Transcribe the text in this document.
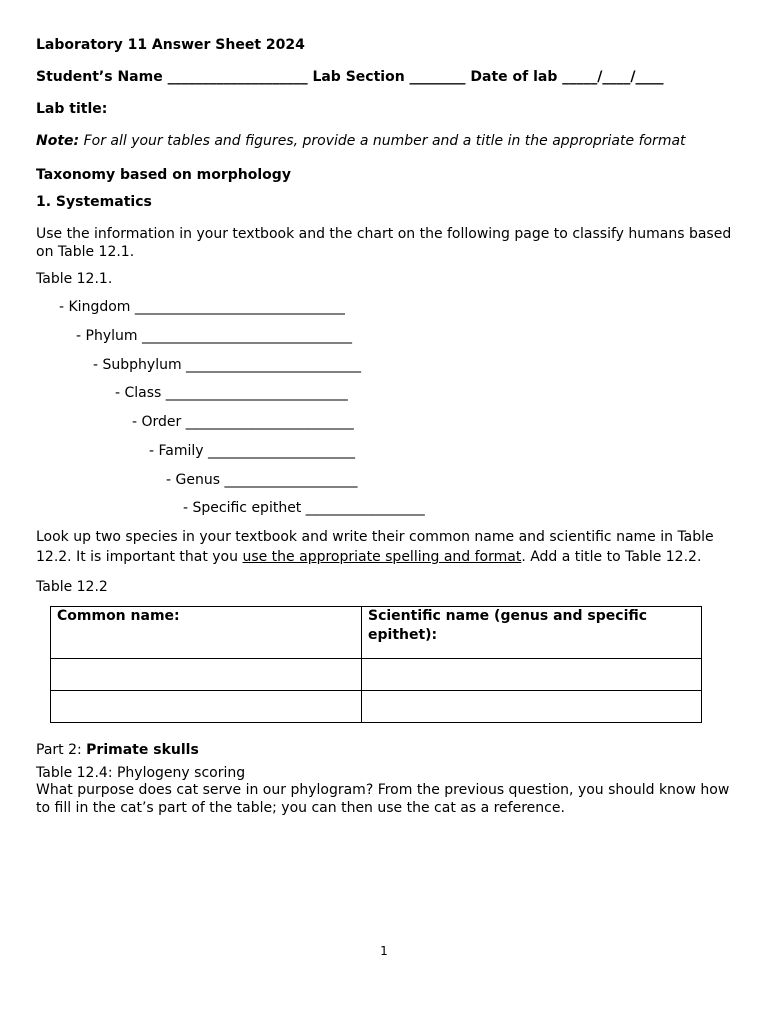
Laboratory 11 Answer Sheet 2024
Student’s Name ____________________ Lab Section ________ Date of lab _____/____/____
Lab title:
Note: For all your tables and figures, provide a number and a title in the appropriate format
Taxonomy based on morphology
1. Systematics
Use the information in your textbook and the chart on the following page to classify humans based on Table 12.1.
Table 12.1.
- Kingdom ______________________________
- Phylum ______________________________
- Subphylum _________________________
- Class __________________________
- Order ________________________
- Family _____________________
- Genus ___________________
- Specific epithet _________________
Look up two species in your textbook and write their common name and scientific name in Table 12.2. It is important that you use the appropriate spelling and format. Add a title to Table 12.2.
Table 12.2
Common name:	Scientific name (genus and specific epithet):

Part 2: Primate skulls
Table 12.4: Phylogeny scoring
What purpose does cat serve in our phylogram? From the previous question, you should know how to fill in the cat’s part of the table; you can then use the cat as a reference.
1
